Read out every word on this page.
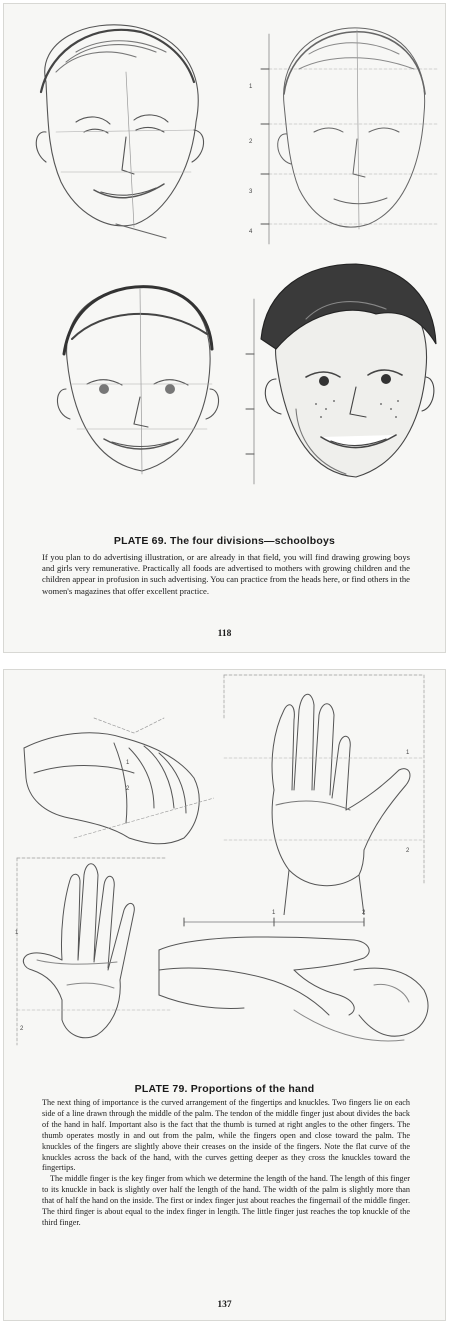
1
2
3
4
PLATE 69. The four divisions—schoolboys

If you plan to do advertising illustration, or are already in that field, you will find drawing growing boys and girls very remunerative. Practically all foods are advertised to mothers with growing children and the children appear in profusion in such advertising. You can practice from the heads here, or find others in the women's magazines that offer excellent practice.

118
1
2
1
2
1
2
1	2
PLATE 79. Proportions of the hand

The next thing of importance is the curved arrangement of the fingertips and knuckles. Two fingers lie on each side of a line drawn through the middle of the palm. The tendon of the middle finger just about divides the back of the hand in half. Important also is the fact that the thumb is turned at right angles to the other fingers. The thumb operates mostly in and out from the palm, while the fingers open and close toward the palm. The knuckles of the fingers are slightly above their creases on the inside of the fingers. Note the flat curve of the knuckles across the back of the hand, with the curves getting deeper as they cross the knuckles toward the fingertips.

The middle finger is the key finger from which we determine the length of the hand. The length of this finger to its knuckle in back is slightly over half the length of the hand. The width of the palm is slightly more than that of half the hand on the inside. The first or index finger just about reaches the fingernail of the middle finger. The third finger is about equal to the index finger in length. The little finger just reaches the top knuckle of the third finger.

137
